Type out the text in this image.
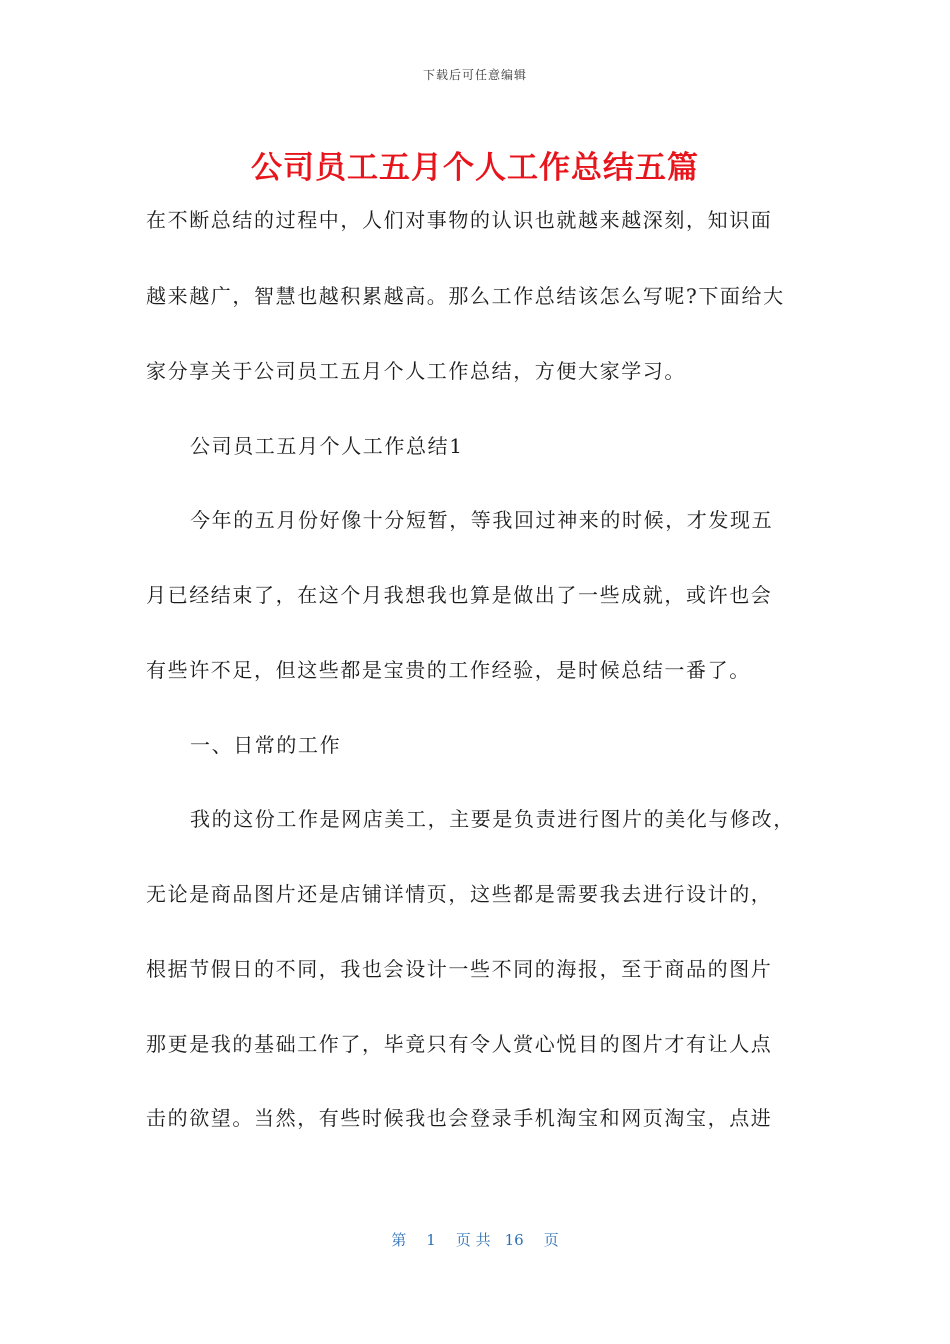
下载后可任意编辑
公司员工五月个人工作总结五篇
在不断总结的过程中，人们对事物的认识也就越来越深刻，知识面
越来越广，智慧也越积累越高。那么工作总结该怎么写呢?下面给大
家分享关于公司员工五月个人工作总结，方便大家学习。
公司员工五月个人工作总结1
今年的五月份好像十分短暂，等我回过神来的时候，才发现五
月已经结束了，在这个月我想我也算是做出了一些成就，或许也会
有些许不足，但这些都是宝贵的工作经验，是时候总结一番了。
一、日常的工作
我的这份工作是网店美工，主要是负责进行图片的美化与修改，
无论是商品图片还是店铺详情页，这些都是需要我去进行设计的，
根据节假日的不同，我也会设计一些不同的海报，至于商品的图片
那更是我的基础工作了，毕竟只有令人赏心悦目的图片才有让人点
击的欲望。当然，有些时候我也会登录手机淘宝和网页淘宝，点进
第 1 页 共 16 页
